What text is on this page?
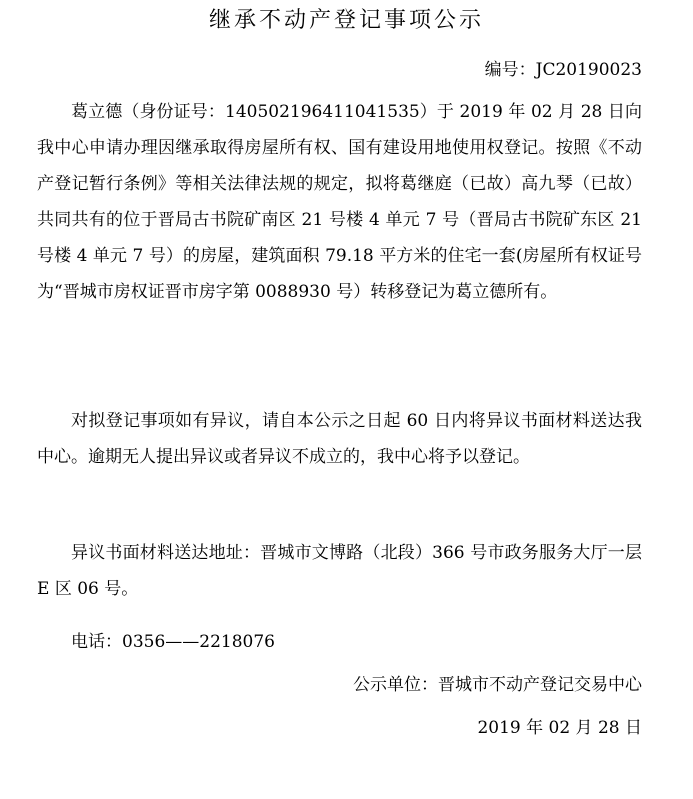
继承不动产登记事项公示
编号：JC20190023

葛立德（身份证号：140502196411041535）于 2019 年 02 月 28 日向我中心申请办理因继承取得房屋所有权、国有建设用地使用权登记。按照《不动产登记暂行条例》等相关法律法规的规定，拟将葛继庭（已故）高九琴（已故）共同共有的位于晋局古书院矿南区 21 号楼 4 单元 7 号（晋局古书院矿东区 21 号楼 4 单元 7 号）的房屋，建筑面积 79.18 平方米的住宅一套(房屋所有权证号为“晋城市房权证晋市房字第 0088930 号）转移登记为葛立德所有。

对拟登记事项如有异议，请自本公示之日起 60 日内将异议书面材料送达我中心。逾期无人提出异议或者异议不成立的，我中心将予以登记。

异议书面材料送达地址：晋城市文博路（北段）366 号市政务服务大厅一层 E 区 06 号。

电话：0356——2218076
公示单位：晋城市不动产登记交易中心
2019 年 02 月 28 日
